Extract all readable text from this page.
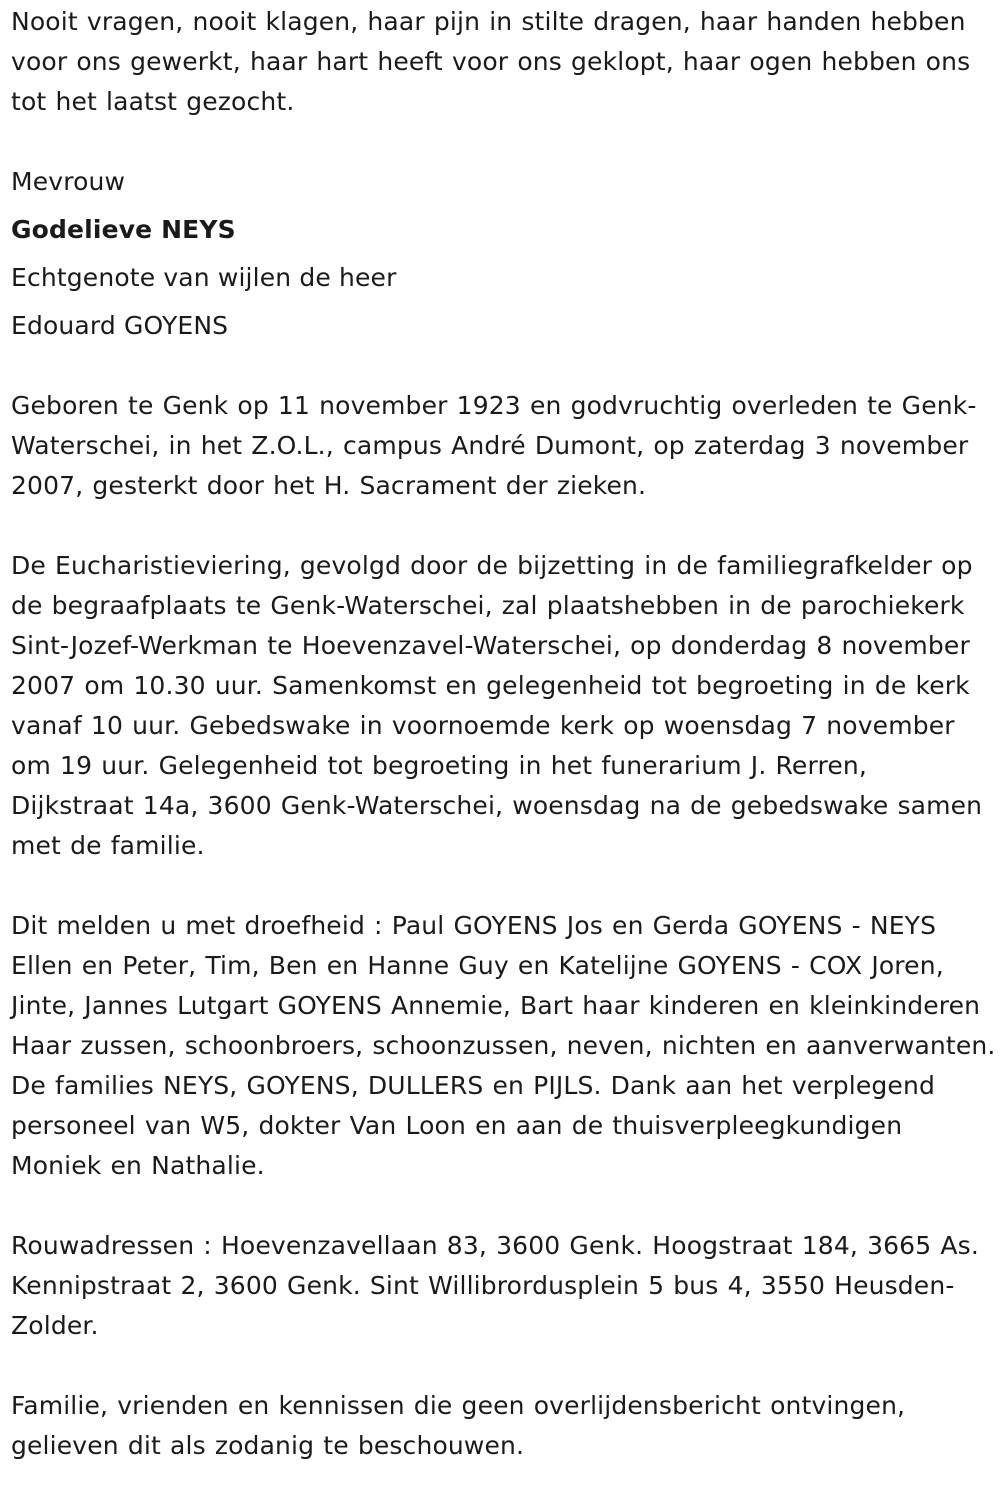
Nooit vragen, nooit klagen, haar pijn in stilte dragen, haar handen hebben voor ons gewerkt, haar hart heeft voor ons geklopt, haar ogen hebben ons tot het laatst gezocht.

Mevrouw

Godelieve NEYS

Echtgenote van wijlen de heer

Edouard GOYENS

Geboren te Genk op 11 november 1923 en godvruchtig overleden te Genk-Waterschei, in het Z.O.L., campus André Dumont, op zaterdag 3 november 2007, gesterkt door het H. Sacrament der zieken.

De Eucharistieviering, gevolgd door de bijzetting in de familiegrafkelder op de begraafplaats te Genk-Waterschei, zal plaatshebben in de parochiekerk Sint-Jozef-Werkman te Hoevenzavel-Waterschei, op donderdag 8 november 2007 om 10.30 uur. Samenkomst en gelegenheid tot begroeting in de kerk vanaf 10 uur. Gebedswake in voornoemde kerk op woensdag 7 november om 19 uur. Gelegenheid tot begroeting in het funerarium J. Rerren, Dijkstraat 14a, 3600 Genk-Waterschei, woensdag na de gebedswake samen met de familie.

Dit melden u met droefheid : Paul GOYENS Jos en Gerda GOYENS - NEYS Ellen en Peter, Tim, Ben en Hanne Guy en Katelijne GOYENS - COX Joren, Jinte, Jannes Lutgart GOYENS Annemie, Bart haar kinderen en kleinkinderen Haar zussen, schoonbroers, schoonzussen, neven, nichten en aanverwanten. De families NEYS, GOYENS, DULLERS en PIJLS. Dank aan het verplegend personeel van W5, dokter Van Loon en aan de thuisverpleegkundigen Moniek en Nathalie.

Rouwadressen : Hoevenzavellaan 83, 3600 Genk. Hoogstraat 184, 3665 As. Kennipstraat 2, 3600 Genk. Sint Willibrordusplein 5 bus 4, 3550 Heusden-Zolder.

Familie, vrienden en kennissen die geen overlijdensbericht ontvingen, gelieven dit als zodanig te beschouwen.
